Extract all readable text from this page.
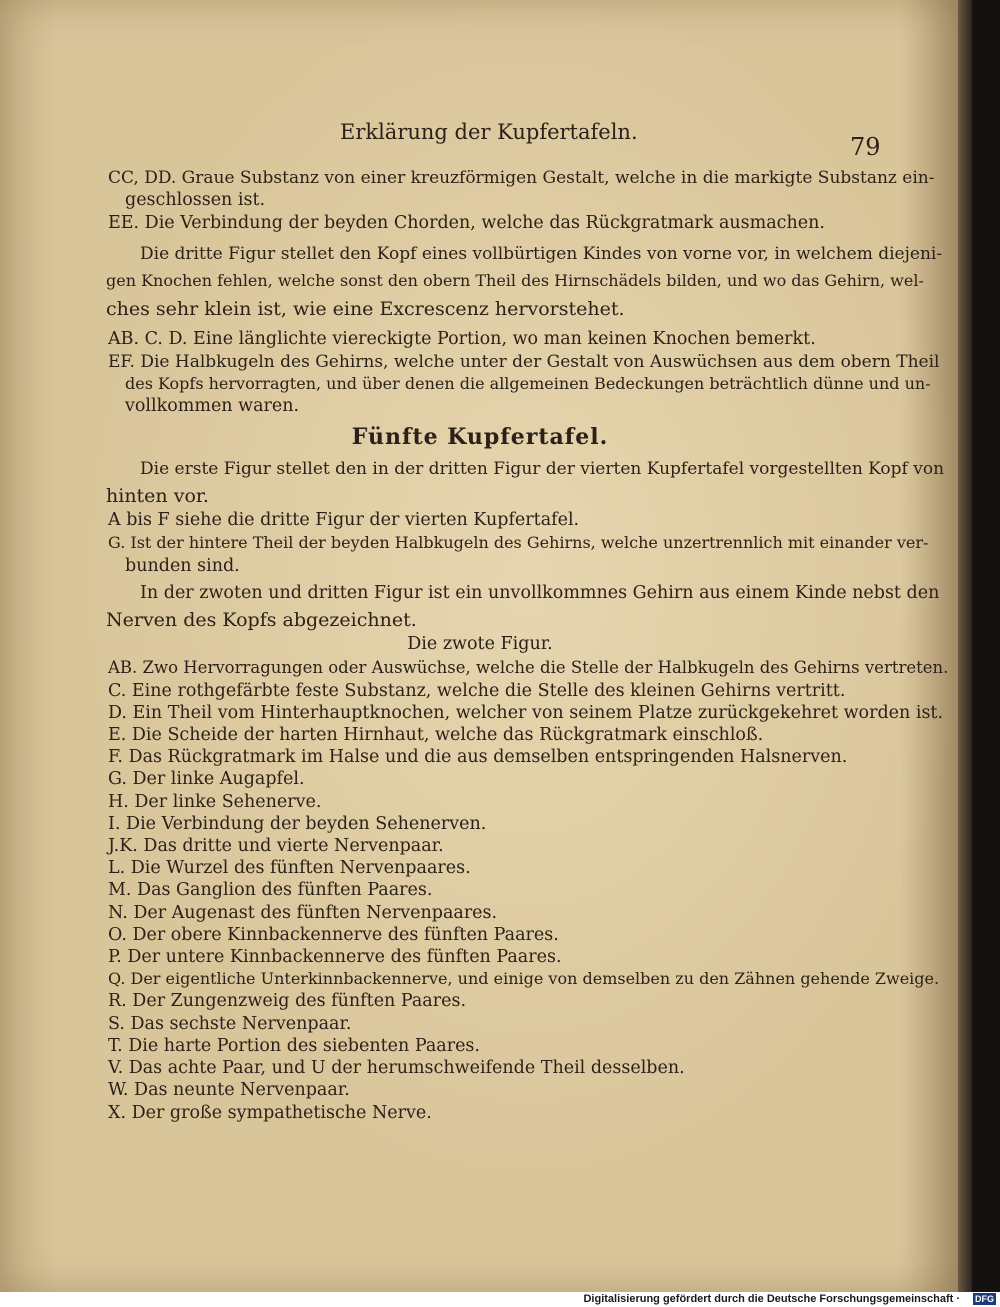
Erklärung der Kupfertafeln.
79
CC, DD. Graue Substanz von einer kreuzförmigen Gestalt, welche in die markigte Substanz ein-
geschlossen ist.
EE. Die Verbindung der beyden Chorden, welche das Rückgratmark ausmachen.
Die dritte Figur stellet den Kopf eines vollbürtigen Kindes von vorne vor, in welchem diejeni-
gen Knochen fehlen, welche sonst den obern Theil des Hirnschädels bilden, und wo das Gehirn, wel-
ches sehr klein ist, wie eine Excrescenz hervorstehet.
AB. C. D. Eine länglichte viereckigte Portion, wo man keinen Knochen bemerkt.
EF. Die Halbkugeln des Gehirns, welche unter der Gestalt von Auswüchsen aus dem obern Theil
des Kopfs hervorragten, und über denen die allgemeinen Bedeckungen beträchtlich dünne und un-
vollkommen waren.
Fünfte Kupfertafel.
Die erste Figur stellet den in der dritten Figur der vierten Kupfertafel vorgestellten Kopf von
hinten vor.
A bis F siehe die dritte Figur der vierten Kupfertafel.
G. Ist der hintere Theil der beyden Halbkugeln des Gehirns, welche unzertrennlich mit einander ver-
bunden sind.
In der zwoten und dritten Figur ist ein unvollkommnes Gehirn aus einem Kinde nebst den
Nerven des Kopfs abgezeichnet.
Die zwote Figur.
AB. Zwo Hervorragungen oder Auswüchse, welche die Stelle der Halbkugeln des Gehirns vertreten.
C. Eine rothgefärbte feste Substanz, welche die Stelle des kleinen Gehirns vertritt.
D. Ein Theil vom Hinterhauptknochen, welcher von seinem Platze zurückgekehret worden ist.
E. Die Scheide der harten Hirnhaut, welche das Rückgratmark einschloß.
F. Das Rückgratmark im Halse und die aus demselben entspringenden Halsnerven.
G. Der linke Augapfel.
H. Der linke Sehenerve.
I. Die Verbindung der beyden Sehenerven.
J.K. Das dritte und vierte Nervenpaar.
L. Die Wurzel des fünften Nervenpaares.
M. Das Ganglion des fünften Paares.
N. Der Augenast des fünften Nervenpaares.
O. Der obere Kinnbackennerve des fünften Paares.
P. Der untere Kinnbackennerve des fünften Paares.
Q. Der eigentliche Unterkinnbackennerve, und einige von demselben zu den Zähnen gehende Zweige.
R. Der Zungenzweig des fünften Paares.
S. Das sechste Nervenpaar.
T. Die harte Portion des siebenten Paares.
V. Das achte Paar, und U der herumschweifende Theil desselben.
W. Das neunte Nervenpaar.
X. Der große sympathetische Nerve.
Digitalisierung gefördert durch die Deutsche Forschungsgemeinschaft · DFG
